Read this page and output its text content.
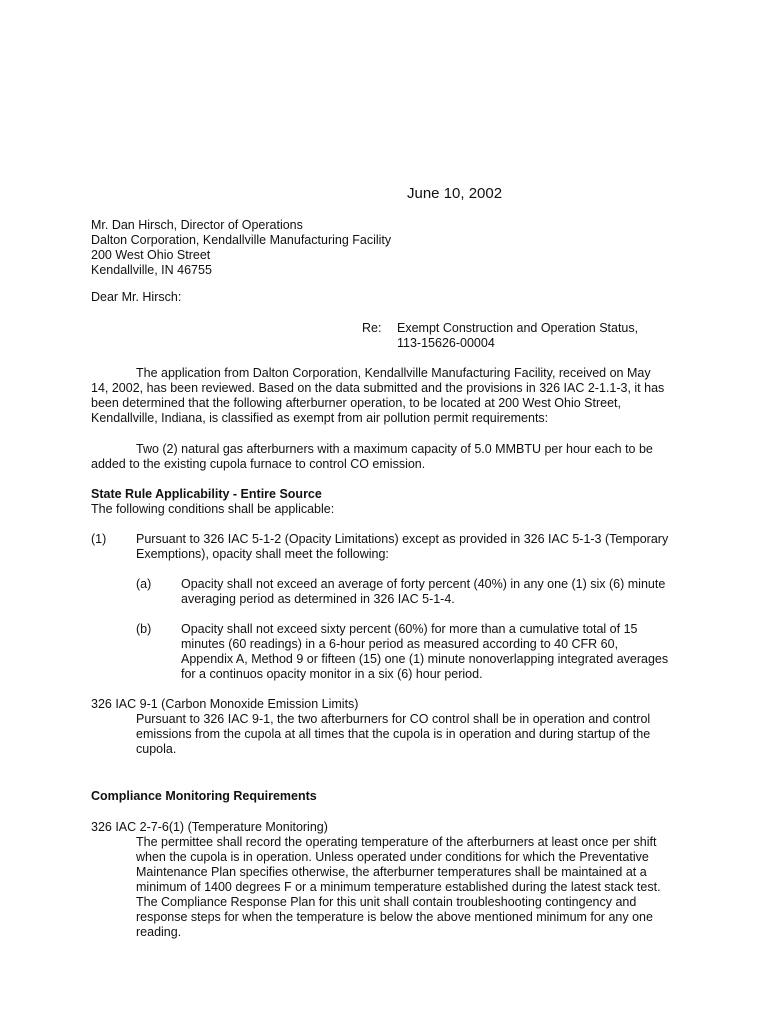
June 10, 2002
Mr. Dan Hirsch, Director of Operations
Dalton Corporation, Kendallville Manufacturing Facility
200 West Ohio Street
Kendallville, IN 46755
Dear Mr. Hirsch:
Re: Exempt Construction and Operation Status,
113-15626-00004
The application from Dalton Corporation, Kendallville Manufacturing Facility, received on May
14, 2002, has been reviewed. Based on the data submitted and the provisions in 326 IAC 2-1.1-3, it has
been determined that the following afterburner operation, to be located at 200 West Ohio Street,
Kendallville, Indiana, is classified as exempt from air pollution permit requirements:
Two (2) natural gas afterburners with a maximum capacity of 5.0 MMBTU per hour each to be
added to the existing cupola furnace to control CO emission.
State Rule Applicability - Entire Source
The following conditions shall be applicable:
(1) Pursuant to 326 IAC 5-1-2 (Opacity Limitations) except as provided in 326 IAC 5-1-3 (Temporary
Exemptions), opacity shall meet the following:
(a) Opacity shall not exceed an average of forty percent (40%) in any one (1) six (6) minute
averaging period as determined in 326 IAC 5-1-4.
(b) Opacity shall not exceed sixty percent (60%) for more than a cumulative total of 15
minutes (60 readings) in a 6-hour period as measured according to 40 CFR 60,
Appendix A, Method 9 or fifteen (15) one (1) minute nonoverlapping integrated averages
for a continuos opacity monitor in a six (6) hour period.
326 IAC 9-1 (Carbon Monoxide Emission Limits)
Pursuant to 326 IAC 9-1, the two afterburners for CO control shall be in operation and control
emissions from the cupola at all times that the cupola is in operation and during startup of the
cupola.
Compliance Monitoring Requirements
326 IAC 2-7-6(1) (Temperature Monitoring)
The permittee shall record the operating temperature of the afterburners at least once per shift
when the cupola is in operation. Unless operated under conditions for which the Preventative
Maintenance Plan specifies otherwise, the afterburner temperatures shall be maintained at a
minimum of 1400 degrees F or a minimum temperature established during the latest stack test.
The Compliance Response Plan for this unit shall contain troubleshooting contingency and
response steps for when the temperature is below the above mentioned minimum for any one
reading.
